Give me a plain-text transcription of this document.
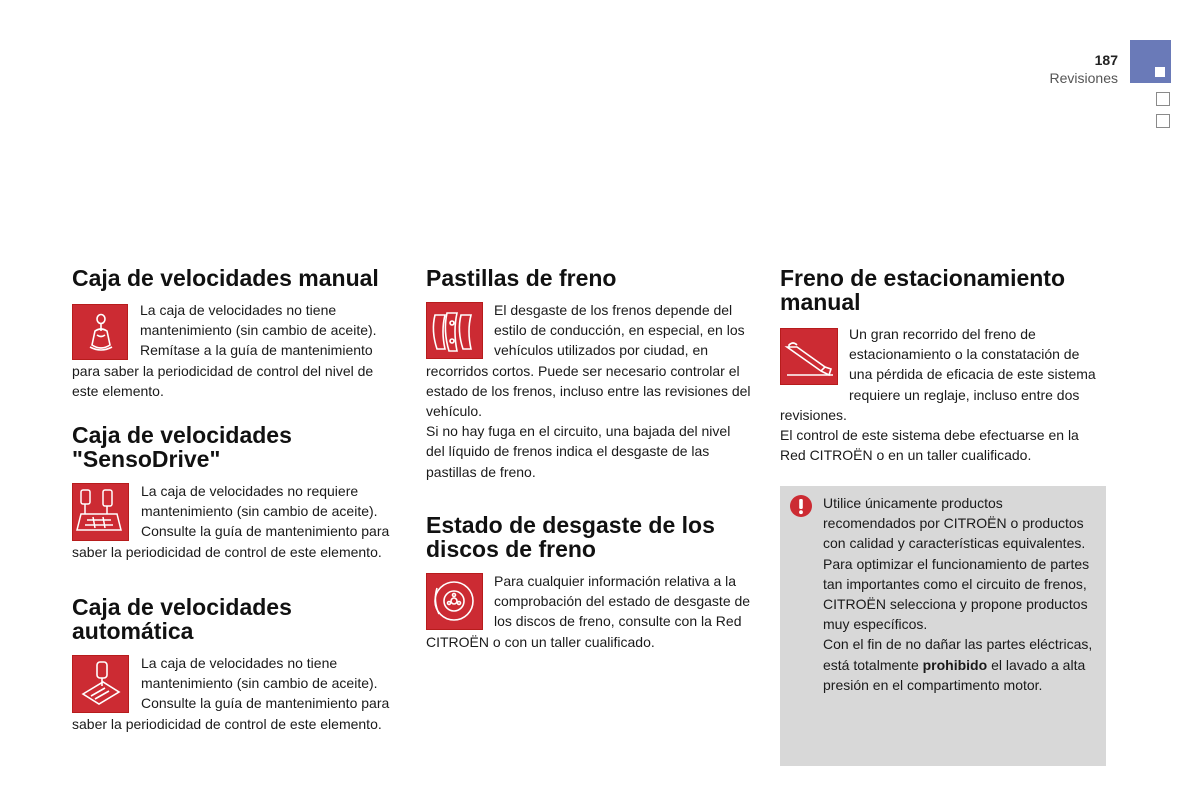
187
Revisiones
Caja de velocidades manual
La caja de velocidades no tiene mantenimiento (sin cambio de aceite). Remítase a la guía de mantenimiento para saber la periodicidad de control del nivel de este elemento.
Caja de velocidades
"SensoDrive"
La caja de velocidades no requiere mantenimiento (sin cambio de aceite). Consulte la guía de mantenimiento para saber la periodicidad de control de este elemento.
Caja de velocidades
automática
La caja de velocidades no tiene mantenimiento (sin cambio de aceite). Consulte la guía de mantenimiento para saber la periodicidad de control de este elemento.
Pastillas de freno
El desgaste de los frenos depende del estilo de conducción, en especial, en los vehículos utilizados por ciudad, en recorridos cortos. Puede ser necesario controlar el estado de los frenos, incluso entre las revisiones del vehículo.
Si no hay fuga en el circuito, una bajada del nivel del líquido de frenos indica el desgaste de las pastillas de freno.
Estado de desgaste de los
discos de freno
Para cualquier información relativa a la comprobación del estado de desgaste de los discos de freno, consulte con la Red CITROËN o con un taller cualificado.
Freno de estacionamiento
manual
Un gran recorrido del freno de estacionamiento o la constatación de una pérdida de eficacia de este sistema requiere un reglaje, incluso entre dos revisiones.
El control de este sistema debe efectuarse en la Red CITROËN o en un taller cualificado.
Utilice únicamente productos recomendados por CITROËN o productos con calidad y características equivalentes.
Para optimizar el funcionamiento de partes tan importantes como el circuito de frenos, CITROËN selecciona y propone productos muy específicos.
Con el fin de no dañar las partes eléctricas, está totalmente prohibido el lavado a alta presión en el compartimento motor.
